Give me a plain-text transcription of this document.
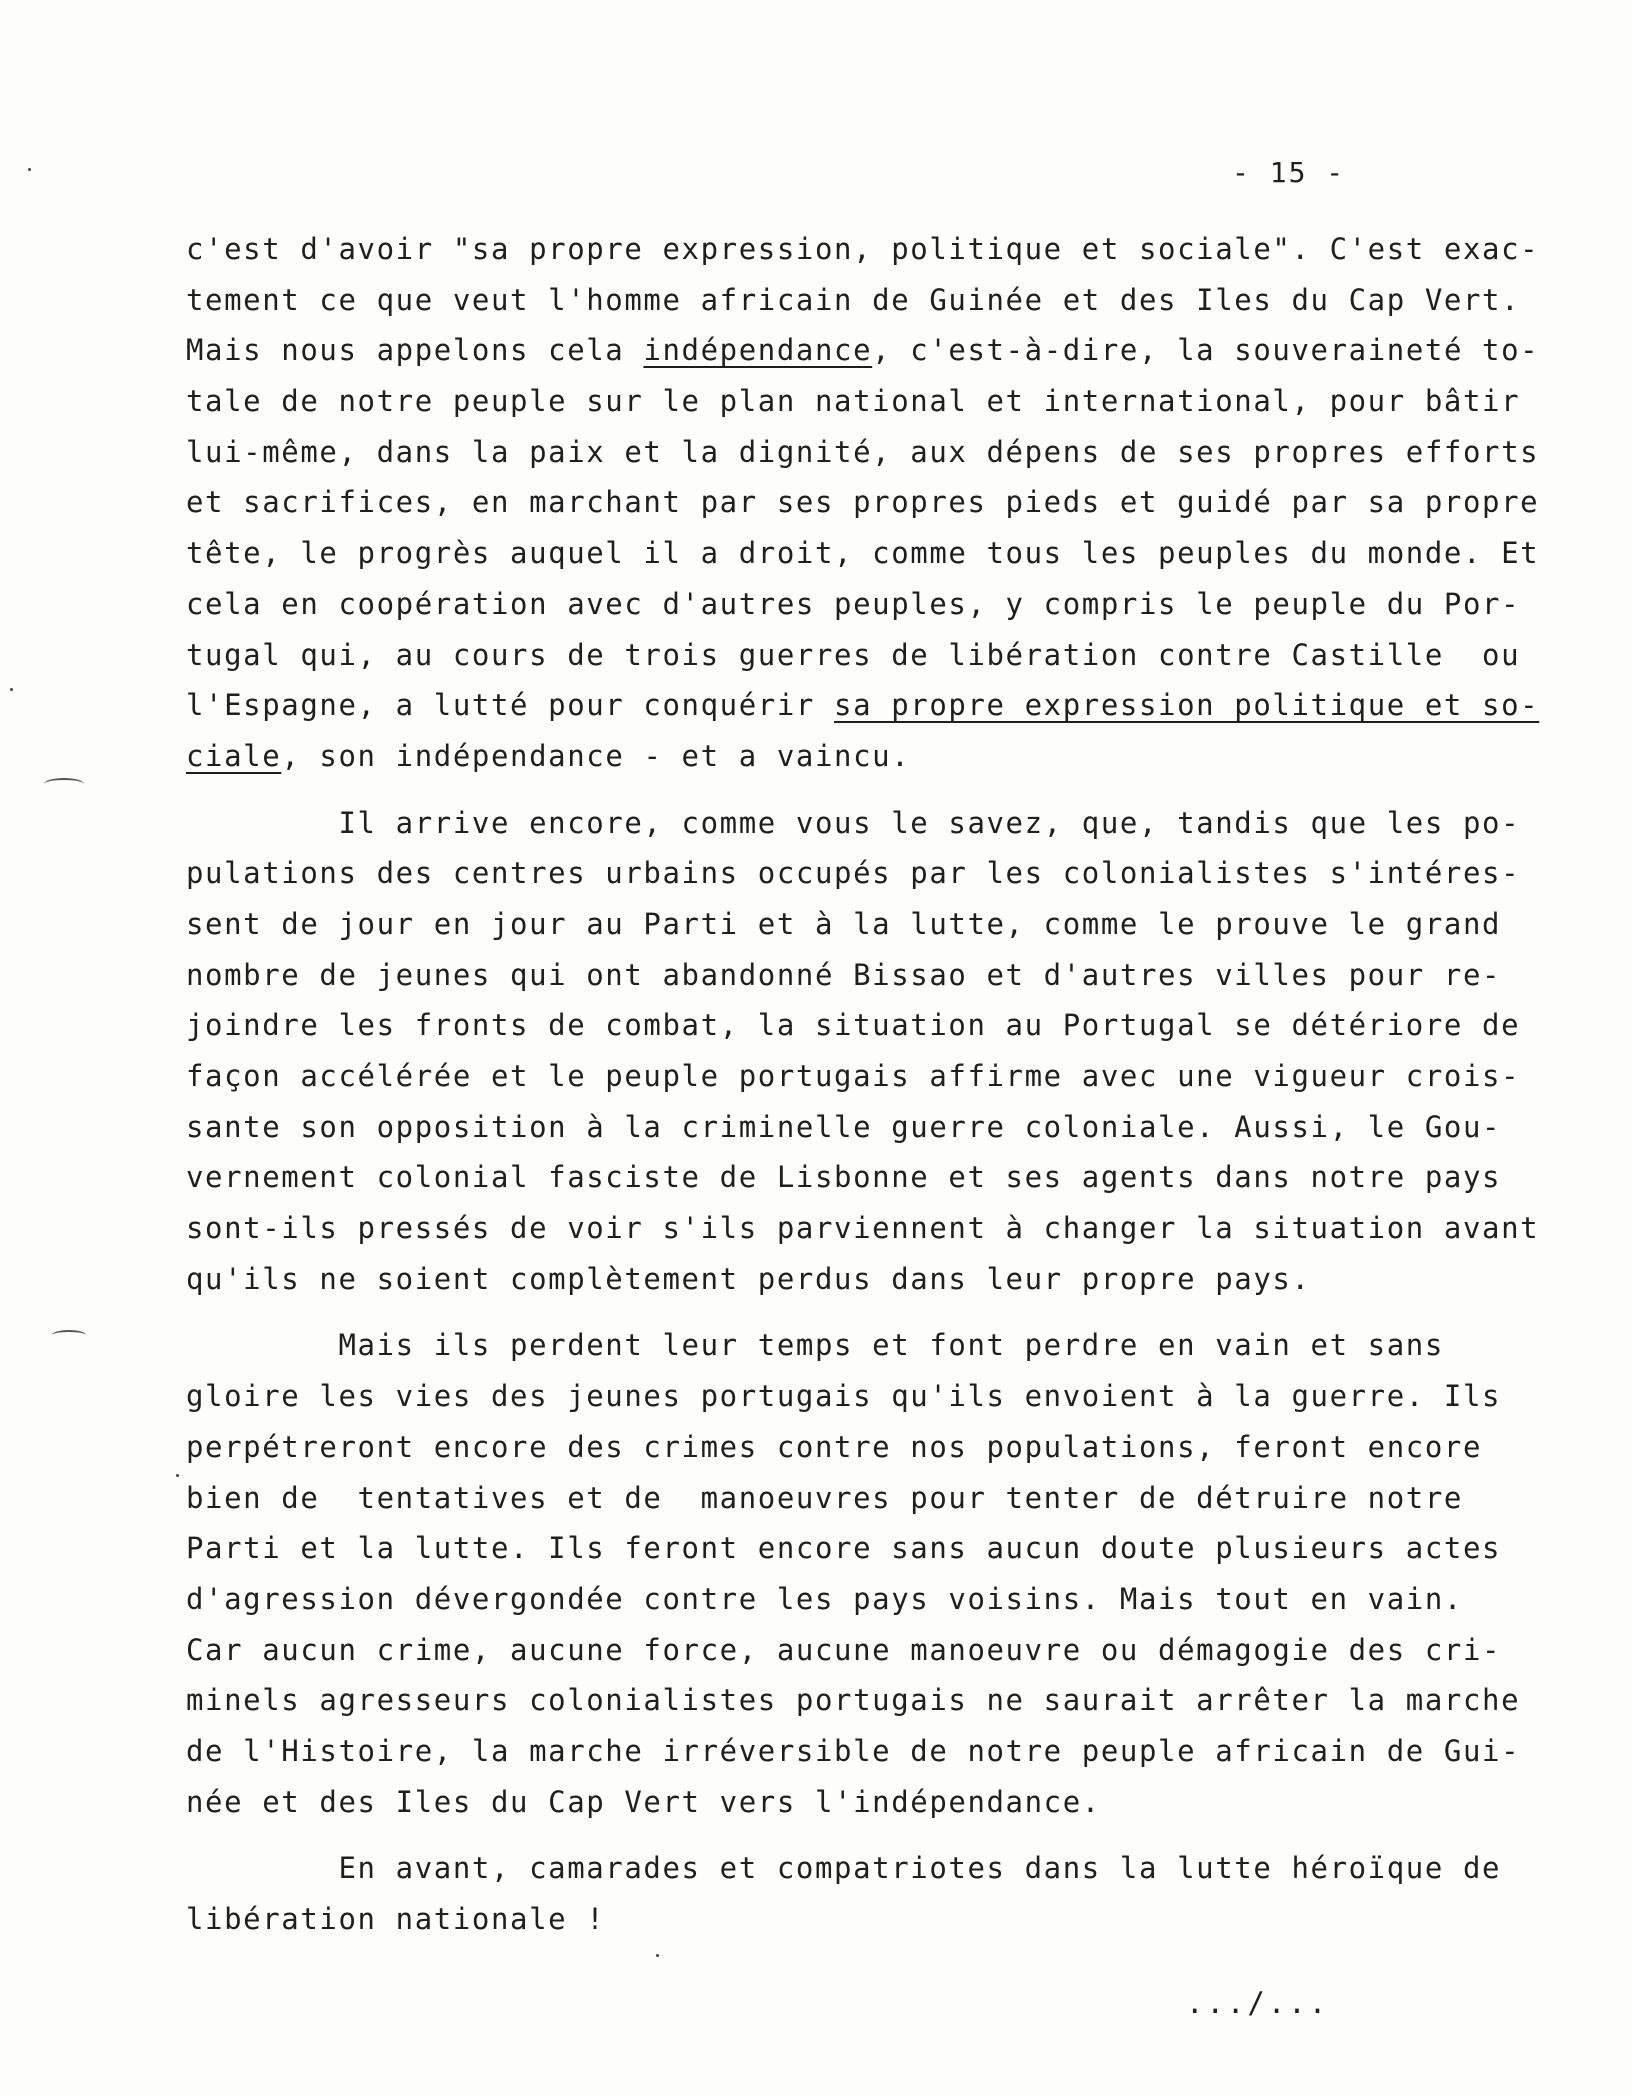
- 15 -
c'est d'avoir "sa propre expression, politique et sociale". C'est exac-
tement ce que veut l'homme africain de Guinée et des Iles du Cap Vert.
Mais nous appelons cela indépendance, c'est-à-dire, la souveraineté to-
tale de notre peuple sur le plan national et international, pour bâtir
lui-même, dans la paix et la dignité, aux dépens de ses propres efforts
et sacrifices, en marchant par ses propres pieds et guidé par sa propre
tête, le progrès auquel il a droit, comme tous les peuples du monde. Et
cela en coopération avec d'autres peuples, y compris le peuple du Por-
tugal qui, au cours de trois guerres de libération contre Castille  ou
l'Espagne, a lutté pour conquérir sa propre expression politique et so-
ciale, son indépendance - et a vaincu.
Il arrive encore, comme vous le savez, que, tandis que les po-
pulations des centres urbains occupés par les colonialistes s'intéres-
sent de jour en jour au Parti et à la lutte, comme le prouve le grand
nombre de jeunes qui ont abandonné Bissao et d'autres villes pour re-
joindre les fronts de combat, la situation au Portugal se détériore de
façon accélérée et le peuple portugais affirme avec une vigueur crois-
sante son opposition à la criminelle guerre coloniale. Aussi, le Gou-
vernement colonial fasciste de Lisbonne et ses agents dans notre pays
sont-ils pressés de voir s'ils parviennent à changer la situation avant
qu'ils ne soient complètement perdus dans leur propre pays.
Mais ils perdent leur temps et font perdre en vain et sans
gloire les vies des jeunes portugais qu'ils envoient à la guerre. Ils
perpétreront encore des crimes contre nos populations, feront encore
bien de  tentatives et de  manoeuvres pour tenter de détruire notre
Parti et la lutte. Ils feront encore sans aucun doute plusieurs actes
d'agression dévergondée contre les pays voisins. Mais tout en vain.
Car aucun crime, aucune force, aucune manoeuvre ou démagogie des cri-
minels agresseurs colonialistes portugais ne saurait arrêter la marche
de l'Histoire, la marche irréversible de notre peuple africain de Gui-
née et des Iles du Cap Vert vers l'indépendance.
En avant, camarades et compatriotes dans la lutte héroïque de
libération nationale !
.../...
